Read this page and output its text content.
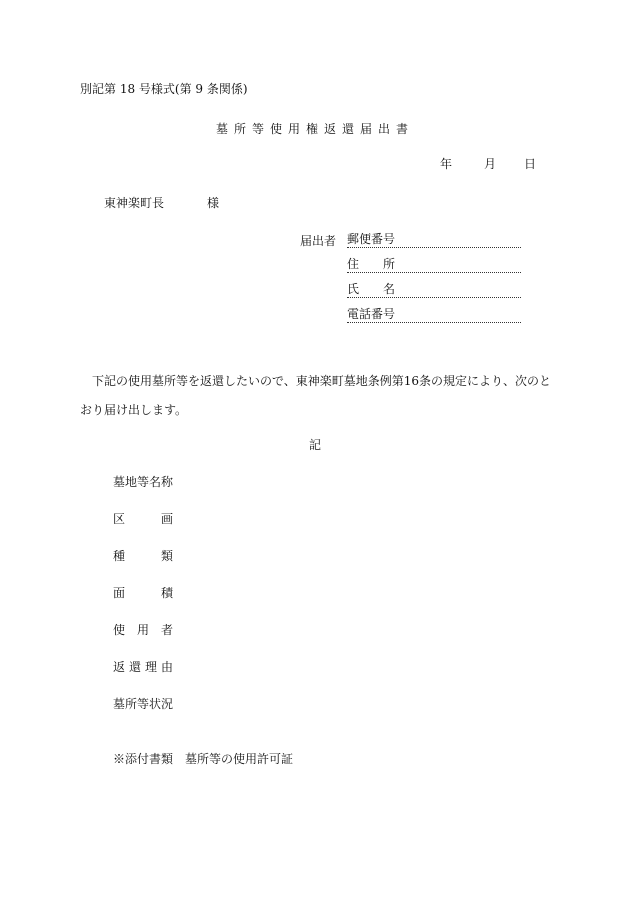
別記第 18 号様式(第 9 条関係)
墓所等使用権返還届出書
年	月 日
東神楽町長	様
届出者 郵便番号
住　　所
氏　　名
電話番号
下記の使用墓所等を返還したいので、東神楽町墓地条例第16条の規定により、次のとおり届け出します。
記
墓地等名称
区画
種類
面積
使用者
返還理由
墓所等状況
※添付書類 墓所等の使用許可証
